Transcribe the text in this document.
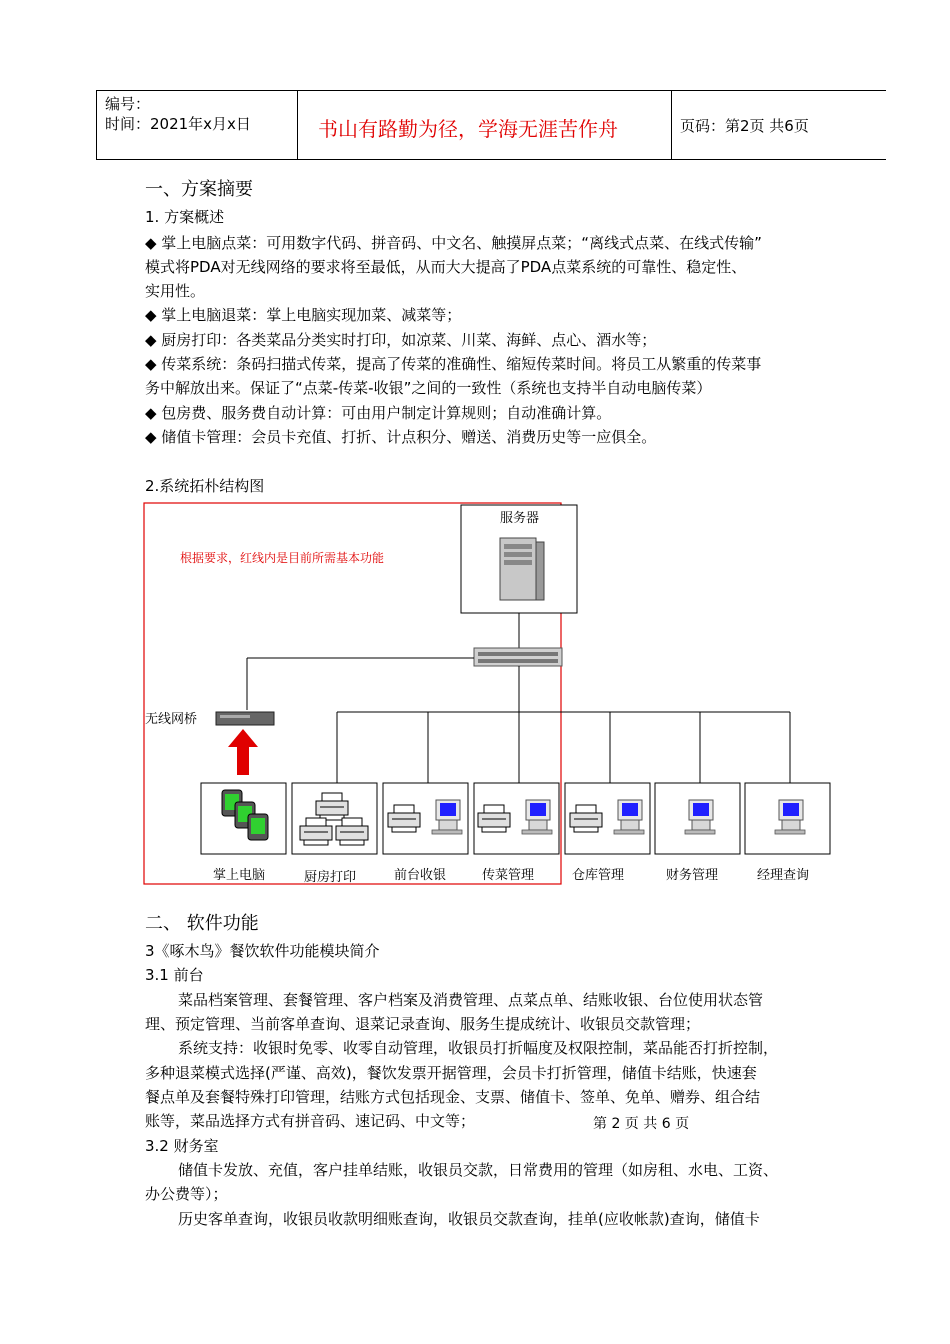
编号：
时间：2021年x月x日	书山有路勤为径，学海无涯苦作舟	页码：第2页 共6页
一、方案摘要
1. 方案概述
◆ 掌上电脑点菜：可用数字代码、拼音码、中文名、触摸屏点菜；“离线式点菜、在线式传输”
模式将PDA对无线网络的要求将至最低，从而大大提高了PDA点菜系统的可靠性、稳定性、
实用性。
◆ 掌上电脑退菜：掌上电脑实现加菜、减菜等；
◆ 厨房打印：各类菜品分类实时打印，如凉菜、川菜、海鲜、点心、酒水等；
◆ 传菜系统：条码扫描式传菜，提高了传菜的准确性、缩短传菜时间。将员工从繁重的传菜事
务中解放出来。保证了“点菜-传菜-收银”之间的一致性（系统也支持半自动电脑传菜）
◆ 包房费、服务费自动计算：可由用户制定计算规则；自动准确计算。
◆ 储值卡管理：会员卡充值、打折、计点积分、赠送、消费历史等一应俱全。
2.系统拓朴结构图
根据要求，红线内是目前所需基本功能
服务器
无线网桥
掌上电脑	厨房打印	前台收银	传菜管理	仓库管理	财务管理	经理查询
二、 软件功能
3《啄木鸟》餐饮软件功能模块简介
3.1 前台
菜品档案管理、套餐管理、客户档案及消费管理、点菜点单、结账收银、台位使用状态管
理、预定管理、当前客单查询、退菜记录查询、服务生提成统计、收银员交款管理；
系统支持：收银时免零、收零自动管理，收银员打折幅度及权限控制，菜品能否打折控制，
多种退菜模式选择(严谨、高效)，餐饮发票开据管理，会员卡打折管理，储值卡结账，快速套
餐点单及套餐特殊打印管理，结账方式包括现金、支票、储值卡、签单、免单、赠券、组合结
账等，菜品选择方式有拼音码、速记码、中文等；	第 2 页 共 6 页
3.2 财务室
储值卡发放、充值，客户挂单结账，收银员交款，日常费用的管理（如房租、水电、工资、
办公费等）；
历史客单查询，收银员收款明细账查询，收银员交款查询，挂单(应收帐款)查询，储值卡
